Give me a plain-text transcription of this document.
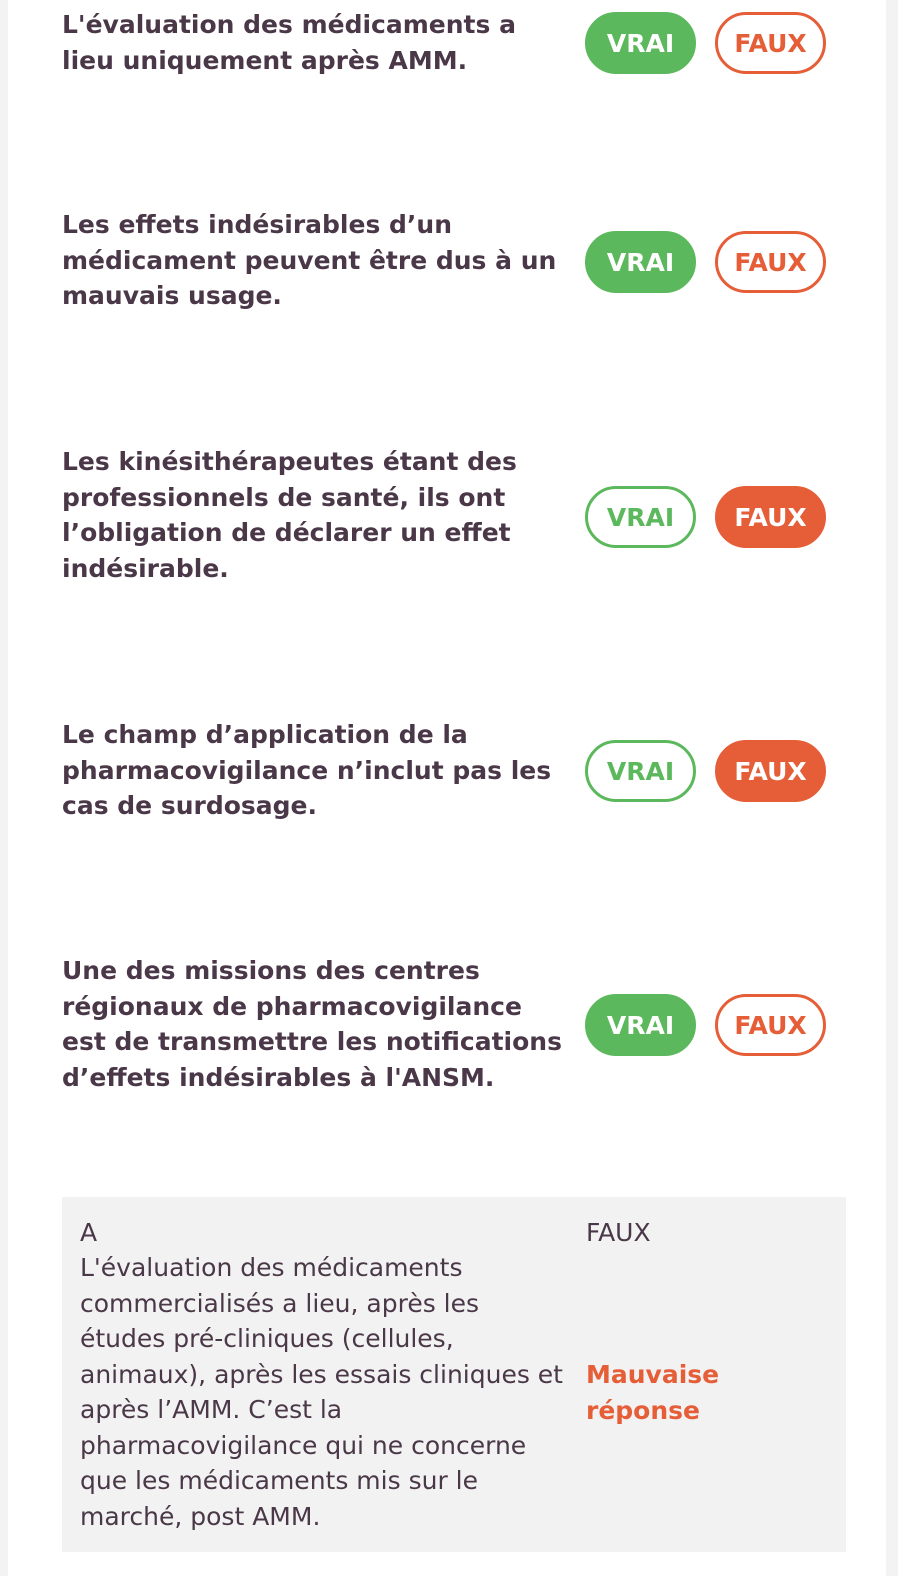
L'évaluation des médicaments a lieu uniquement après AMM.
VRAI	FAUX
Les effets indésirables d’un médicament peuvent être dus à un mauvais usage.
VRAI	FAUX
Les kinésithérapeutes étant des professionnels de santé, ils ont l’obligation de déclarer un effet indésirable.
VRAI	FAUX
Le champ d’application de la pharmacovigilance n’inclut pas les cas de surdosage.
VRAI	FAUX
Une des missions des centres régionaux de pharmacovigilance est de transmettre les notifications d’effets indésirables à l'ANSM.
VRAI	FAUX
A
L'évaluation des médicaments commercialisés a lieu, après les études pré-cliniques (cellules, animaux), après les essais cliniques et après l’AMM. C’est la pharmacovigilance qui ne concerne que les médicaments mis sur le marché, post AMM.
FAUX
Mauvaise réponse
